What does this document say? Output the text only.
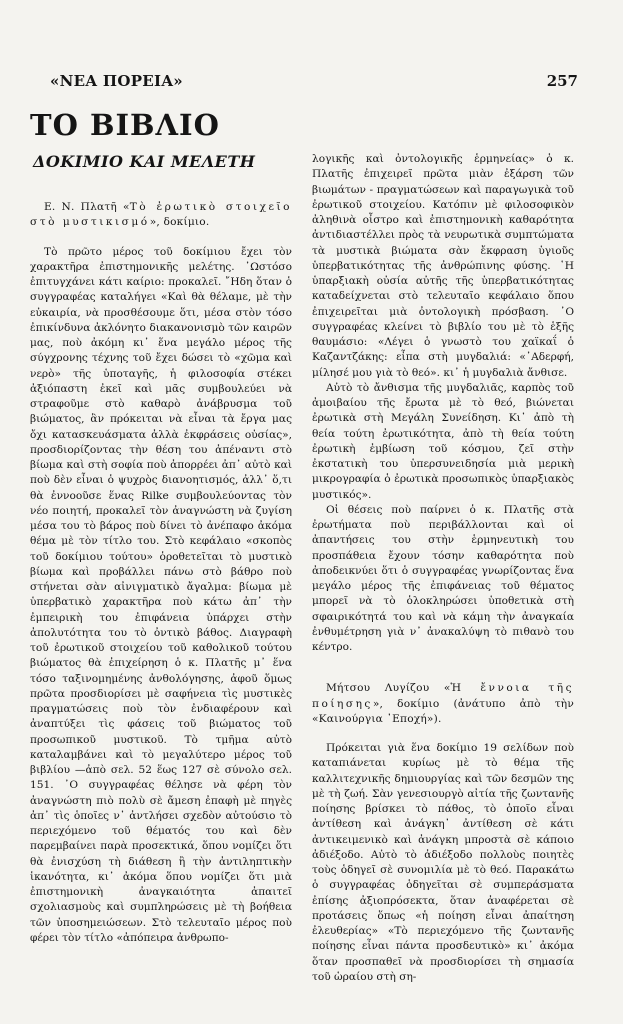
«ΝΕΑ ΠΟΡΕΙΑ»	257
ΤΟ ΒΙΒΛΙΟ
ΔΟΚΙΜΙΟ ΚΑΙ ΜΕΛΕΤΗ

Ε. Ν. Πλατῆ «Τὸ ἐρωτικὸ στοιχεῖο στὸ μυστικισμό», δοκίμιο.

Τὸ πρῶτο μέρος τοῦ δοκίμιου ἔχει τὸν χαρακτῆρα ἐπιστημονικῆς μελέτης. ᾽Ωστόσο ἐπιτυγχάνει κάτι καίριο: προκαλεῖ. ῎Ηδη ὅταν ὁ συγγραφέας καταλήγει «Καὶ θὰ θέλαμε, μὲ τὴν εὐκαιρία, νὰ προσθέσουμε ὅτι, μέσα στὸν τόσο ἐπικίνδυνα ἀκλόνητο διακανονισμὸ τῶν καιρῶν μας, ποὺ ἀκόμη κι᾽ ἕνα μεγάλο μέρος τῆς σύγχρονης τέχνης τοῦ ἔχει δώσει τὸ «χῶμα καὶ νερὸ» τῆς ὑποταγῆς, ἡ φιλοσοφία στέκει ἀξιόπαστη ἐκεῖ καὶ μᾶς συμβουλεύει νὰ στραφοῦμε στὸ καθαρὸ ἀνάβρυσμα τοῦ βιώματος, ἂν πρόκειται νὰ εἶναι τὰ ἔργα μας ὄχι κατασκευάσματα ἀλλὰ ἐκφράσεις οὐσίας», προσδιορίζοντας τὴν θέση του ἀπέναντι στὸ βίωμα καὶ στὴ σοφία ποὺ ἀπορρέει ἀπ᾽ αὐτὸ καὶ ποὺ δὲν εἶναι ὁ ψυχρὸς διανοητισμός, ἀλλ᾽ ὅ,τι θὰ ἐννοοῦσε ἕνας Rilke συμβουλεύοντας τὸν νέο ποιητή, προκαλεῖ τὸν ἀναγνώστη νὰ ζυγίση μέσα του τὸ βάρος ποὺ δίνει τὸ ἀνέπαφο ἀκόμα θέμα μὲ τὸν τίτλο του. Στὸ κεφάλαιο «σκοπὸς τοῦ δοκίμιου τούτου» ὁροθετεῖται τὸ μυστικὸ βίωμα καὶ προβάλλει πάνω στὸ βάθρο ποὺ στήνεται σὰν αἰνιγματικὸ ἄγαλμα: βίωμα μὲ ὑπερβατικὸ χαρακτῆρα ποὺ κάτω ἀπ᾽ τὴν ἐμπειρικὴ του ἐπιφάνεια ὑπάρχει στὴν ἀπολυτότητα του τὸ ὀντικὸ βάθος. Διαγραφὴ τοῦ ἐρωτικοῦ στοιχείου τοῦ καθολικοῦ τούτου βιώματος θὰ ἐπιχείρηση ὁ κ. Πλατῆς μ᾽ ἕνα τόσο ταξινομημένης ἀνθολόγησης, ἀφοῦ ὅμως πρῶτα προσδιορίσει μὲ σαφήνεια τὶς μυστικὲς πραγματώσεις ποὺ τὸν ἐνδιαφέρουν καὶ ἀναπτύξει τὶς φάσεις τοῦ βιώματος τοῦ προσωπικοῦ μυστικοῦ. Τὸ τμῆμα αὐτὸ καταλαμβάνει καὶ τὸ μεγαλύτερο μέρος τοῦ βιβλίου —ἀπὸ σελ. 52 ἕως 127 σὲ σύνολο σελ. 151. ᾽Ο συγγραφέας θέλησε νὰ φέρη τὸν ἀναγνώστη πιὸ πολὺ σὲ ἄμεση ἐπαφὴ μὲ πηγὲς ἀπ᾽ τὶς ὁποῖες ν᾽ ἀντλήσει σχεδὸν αὐτούσιο τὸ περιεχόμενο τοῦ θέματός του καὶ δὲν παρεμβαίνει παρὰ προσεκτικά, ὅπου νομίζει ὅτι θὰ ἐνισχύση τὴ διάθεση ἢ τὴν ἀντιληπτικὴν ἱκανότητα, κι᾽ ἀκόμα ὅπου νομίζει ὅτι μιὰ ἐπιστημονικὴ ἀναγκαιότητα ἀπαιτεῖ σχολιασμοὺς καὶ συμπληρώσεις μὲ τὴ βοήθεια τῶν ὑποσημειώσεων. Στὸ τελευταῖο μέρος ποὺ φέρει τὸν τίτλο «ἀπόπειρα ἀνθρωπο-

λογικῆς καὶ ὀντολογικῆς ἑρμηνείας» ὁ κ. Πλατῆς ἐπιχειρεῖ πρῶτα μιὰν ἐξάρση τῶν βιωμάτων - πραγματώσεων καὶ παραγωγικὰ τοῦ ἐρωτικοῦ στοιχείου. Κατόπιν μὲ φιλοσοφικὸν ἀληθινὰ οἶστρο καὶ ἐπιστημονικὴ καθαρότητα ἀντιδιαστέλλει πρὸς τὰ νευρωτικὰ συμπτώματα τὰ μυστικὰ βιώματα σὰν ἔκφραση ὑγιοῦς ὑπερβατικότητας τῆς ἀνθρώπινης φύσης. ῾Η ὑπαρξιακὴ οὐσία αὐτῆς τῆς ὑπερβατικότητας καταδείχνεται στὸ τελευταῖο κεφάλαιο ὅπου ἐπιχειρεῖται μιὰ ὀντολογικὴ πρόσβαση. ᾽Ο συγγραφέας κλείνει τὸ βιβλίο του μὲ τὸ ἑξῆς θαυμάσιο: «Λέγει ὁ γνωστὸ του χαϊκαΐ ὁ Καζαντζάκης: εἶπα στὴ μυγδαλιά: «᾽Αδερφή, μίλησέ μου γιὰ τὸ θεό». κι᾽ ἡ μυγδαλιὰ ἄνθισε.

Αὐτὸ τὸ ἄνθισμα τῆς μυγδαλιᾶς, καρπὸς τοῦ ἀμοιβαίου τῆς ἔρωτα μὲ τὸ θεό, βιώνεται ἐρωτικὰ στὴ Μεγάλη Συνείδηση. Κι᾽ ἀπὸ τὴ θεία τούτη ἐρωτικότητα, ἀπὸ τὴ θεία τούτη ἐρωτικὴ ἐμβίωση τοῦ κόσμου, ζεῖ στὴν ἐκστατικὴ του ὑπερσυνειδησία μιὰ μερικὴ μικρογραφία ὁ ἐρωτικὰ προσωπικὸς ὑπαρξιακὸς μυστικός».

Οἱ θέσεις ποὺ παίρνει ὁ κ. Πλατῆς στὰ ἐρωτήματα ποὺ περιβάλλονται καὶ οἱ ἀπαντήσεις του στὴν ἑρμηνευτικὴ του προσπάθεια ἔχουν τόσην καθαρότητα ποὺ ἀποδεικνύει ὅτι ὁ συγγραφέας γνωρίζοντας ἕνα μεγάλο μέρος τῆς ἐπιφάνειας τοῦ θέματος μπορεῖ νὰ τὸ ὁλοκληρώσει ὑποθετικὰ στὴ σφαιρικότητά του καὶ νὰ κάμη τὴν ἀναγκαία ἐνθυμέτρηση γιὰ ν᾽ ἀνακαλύψη τὸ πιθανὸ του κέντρο.

Μήτσου Λυγίζου «Ἡ ἔννοια τῆς ποίησης», δοκίμιο (ἀνάτυπο ἀπὸ τὴν «Καινούργια ᾽Εποχή»).

Πρόκειται γιὰ ἕνα δοκίμιο 19 σελίδων ποὺ καταπιάνεται κυρίως μὲ τὸ θέμα τῆς καλλιτεχνικῆς δημιουργίας καὶ τῶν δεσμῶν της μὲ τὴ ζωή. Σὰν γενεσιουργὸ αἰτία τῆς ζωντανῆς ποίησης βρίσκει τὸ πάθος, τὸ ὁποῖο εἶναι ἀντίθεση καὶ ἀνάγκη᾽ ἀντίθεση σὲ κάτι ἀντικειμενικὸ καὶ ἀνάγκη μπροστὰ σὲ κάποιο ἀδιέξοδο. Αὐτὸ τὸ ἀδιέξοδο πολλοὺς ποιητὲς τοὺς ὁδηγεῖ σὲ συνομιλία μὲ τὸ θεό. Παρακάτω ὁ συγγραφέας ὁδηγεῖται σὲ συμπεράσματα ἐπίσης ἀξιοπρόσεκτα, ὅταν ἀναφέρεται σὲ προτάσεις ὅπως «ἡ ποίηση εἶναι ἀπαίτηση ἐλευθερίας» «Τὸ περιεχόμενο τῆς ζωντανῆς ποίησης εἶναι πάντα προσδευτικὸ» κι᾽ ἀκόμα ὅταν προσπαθεῖ νὰ προσδιορίσει τὴ σημασία τοῦ ὡραίου στὴ ση-
